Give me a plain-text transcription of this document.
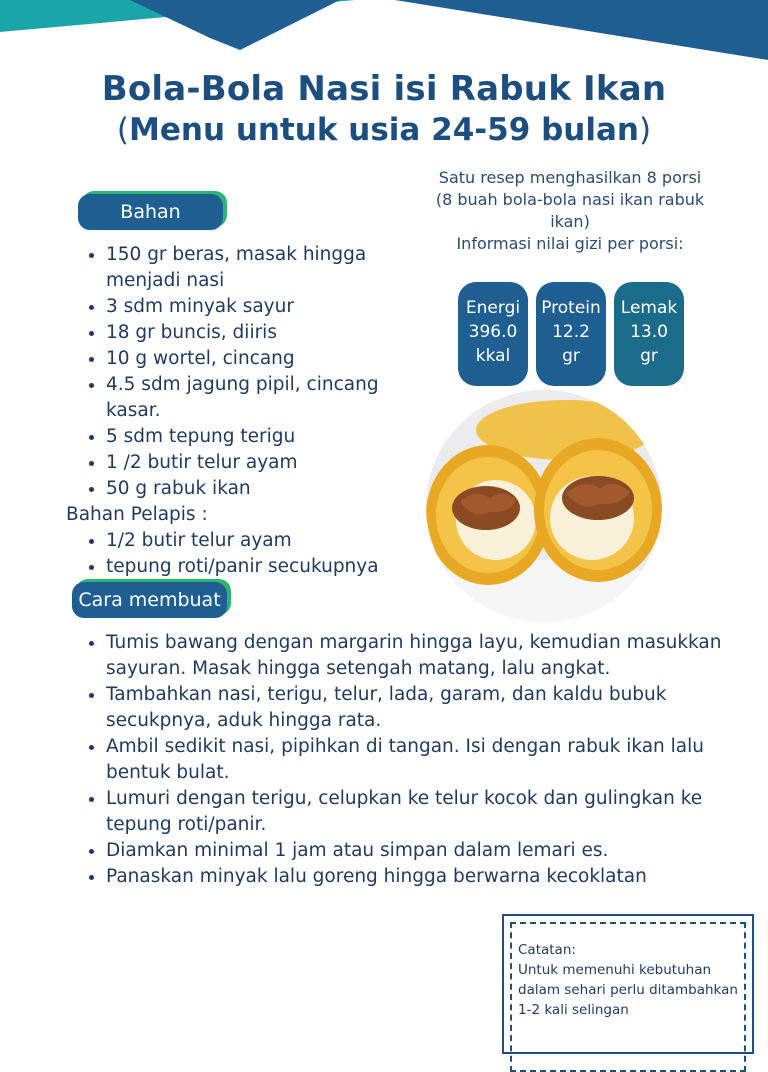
Bola-Bola Nasi isi Rabuk Ikan
(Menu untuk usia 24-59 bulan)
Satu resep menghasilkan 8 porsi
(8 buah bola-bola nasi ikan rabuk ikan)
Informasi nilai gizi per porsi:
Energi
396.0
kkal
Protein
12.2
gr
Lemak
13.0
gr
Bahan
• 150 gr beras, masak hingga menjadi nasi
• 3 sdm minyak sayur
• 18 gr buncis, diiris
• 10 g wortel, cincang
• 4.5 sdm jagung pipil, cincang kasar.
• 5 sdm tepung terigu
• 1 /2 butir telur ayam
• 50 g rabuk ikan
Bahan Pelapis :
• 1/2 butir telur ayam
• tepung roti/panir secukupnya
Cara membuat
• Tumis bawang dengan margarin hingga layu, kemudian masukkan sayuran. Masak hingga setengah matang, lalu angkat.
• Tambahkan nasi, terigu, telur, lada, garam, dan kaldu bubuk secukpnya, aduk hingga rata.
• Ambil sedikit nasi, pipihkan di tangan. Isi dengan rabuk ikan lalu bentuk bulat.
• Lumuri dengan terigu, celupkan ke telur kocok dan gulingkan ke tepung roti/panir.
• Diamkan minimal 1 jam atau simpan dalam lemari es.
• Panaskan minyak lalu goreng hingga berwarna kecoklatan
Catatan:
Untuk memenuhi kebutuhan dalam sehari perlu ditambahkan 1-2 kali selingan
